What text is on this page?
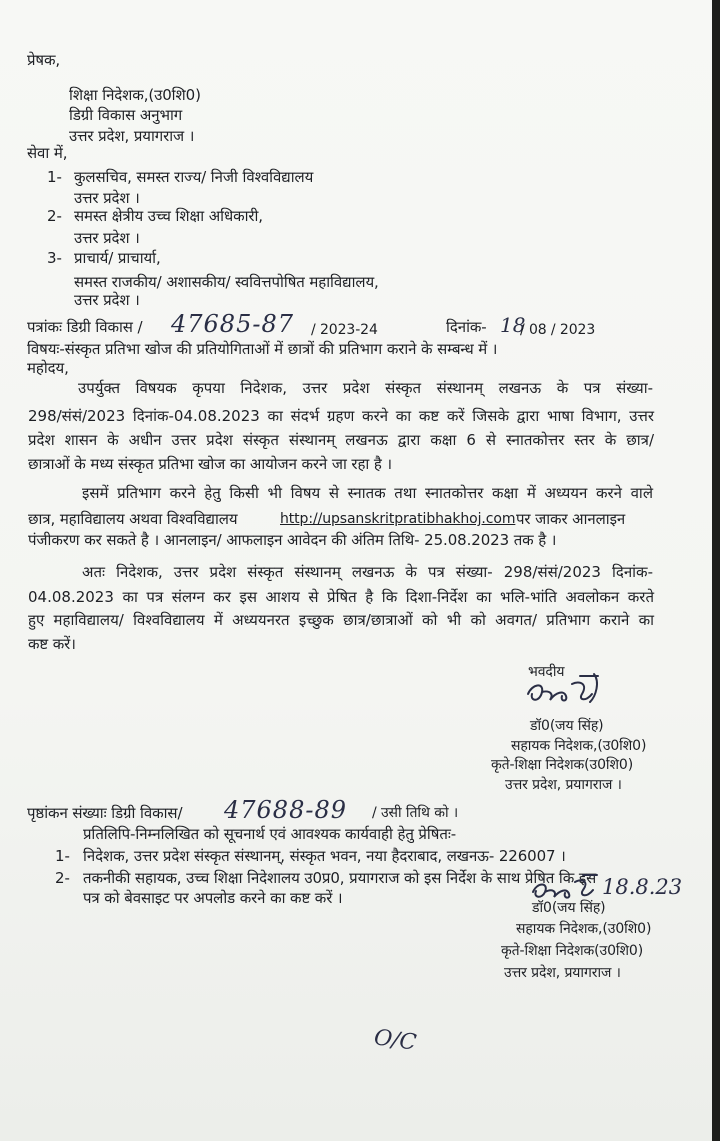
प्रेषक,
शिक्षा निदेशक,(उ0शि0)
डिग्री विकास अनुभाग
उत्तर प्रदेश, प्रयागराज ।
सेवा में,
1- कुलसचिव, समस्त राज्य/ निजी विश्वविद्यालय
उत्तर प्रदेश ।
2- समस्त क्षेत्रीय उच्च शिक्षा अधिकारी,
उत्तर प्रदेश ।
3- प्राचार्य/ प्राचार्या,
समस्त राजकीय/ अशासकीय/ स्ववित्तपोषित महाविद्यालय,
उत्तर प्रदेश ।
पत्रांकः डिग्री विकास / 47685-87 / 2023-24	दिनांक- 18
/ 08 / 2023
विषयः-संस्कृत प्रतिभा खोज की प्रतियोगिताओं में छात्रों की प्रतिभाग कराने के सम्बन्ध में ।
महोदय,
उपर्युक्त विषयक कृपया निदेशक, उत्तर प्रदेश संस्कृत संस्थानम् लखनऊ के पत्र संख्या-
298/संसं/2023 दिनांक-04.08.2023 का संदर्भ ग्रहण करने का कष्ट करें जिसके द्वारा भाषा विभाग, उत्तर
प्रदेश शासन के अधीन उत्तर प्रदेश संस्कृत संस्थानम् लखनऊ द्वारा कक्षा 6 से स्नातकोत्तर स्तर के छात्र/
छात्राओं के मध्य संस्कृत प्रतिभा खोज का आयोजन करने जा रहा है ।
इसमें प्रतिभाग करने हेतु किसी भी विषय से स्नातक तथा स्नातकोत्तर कक्षा में अध्ययन करने वाले
छात्र, महाविद्यालय अथवा विश्वविद्यालय	http://upsanskritpratibhakhoj.com पर जाकर आनलाइन
पंजीकरण कर सकते है । आनलाइन/ आफलाइन आवेदन की अंतिम तिथि- 25.08.2023 तक है ।
अतः निदेशक, उत्तर प्रदेश संस्कृत संस्थानम् लखनऊ के पत्र संख्या- 298/संसं/2023 दिनांक-
04.08.2023 का पत्र संलग्न कर इस आशय से प्रेषित है कि दिशा-निर्देश का भलि-भांति अवलोकन करते
हुए महाविद्यालय/ विश्वविद्यालय में अध्ययनरत इच्छुक छात्र/छात्राओं को भी को अवगत/ प्रतिभाग कराने का
कष्ट करें।
भवदीय
डॉ0(जय सिंह)
सहायक निदेशक,(उ0शि0)
कृते-शिक्षा निदेशक(उ0शि0)
उत्तर प्रदेश, प्रयागराज ।
पृष्ठांकन संख्याः डिग्री विकास/ 47688-89 / उसी तिथि को ।
प्रतिलिपि-निम्नलिखित को सूचनार्थ एवं आवश्यक कार्यवाही हेतु प्रेषितः-
1- निदेशक, उत्तर प्रदेश संस्कृत संस्थानम्, संस्कृत भवन, नया हैदराबाद, लखनऊ- 226007 ।
2- तकनीकी सहायक, उच्च शिक्षा निदेशालय उ0प्र0, प्रयागराज को इस निर्देश के साथ प्रेषित कि इस
पत्र को बेवसाइट पर अपलोड करने का कष्ट करें ।	18.8.23
डॉ0(जय सिंह)
सहायक निदेशक,(उ0शि0)
कृते-शिक्षा निदेशक(उ0शि0)
उत्तर प्रदेश, प्रयागराज ।
O/C
